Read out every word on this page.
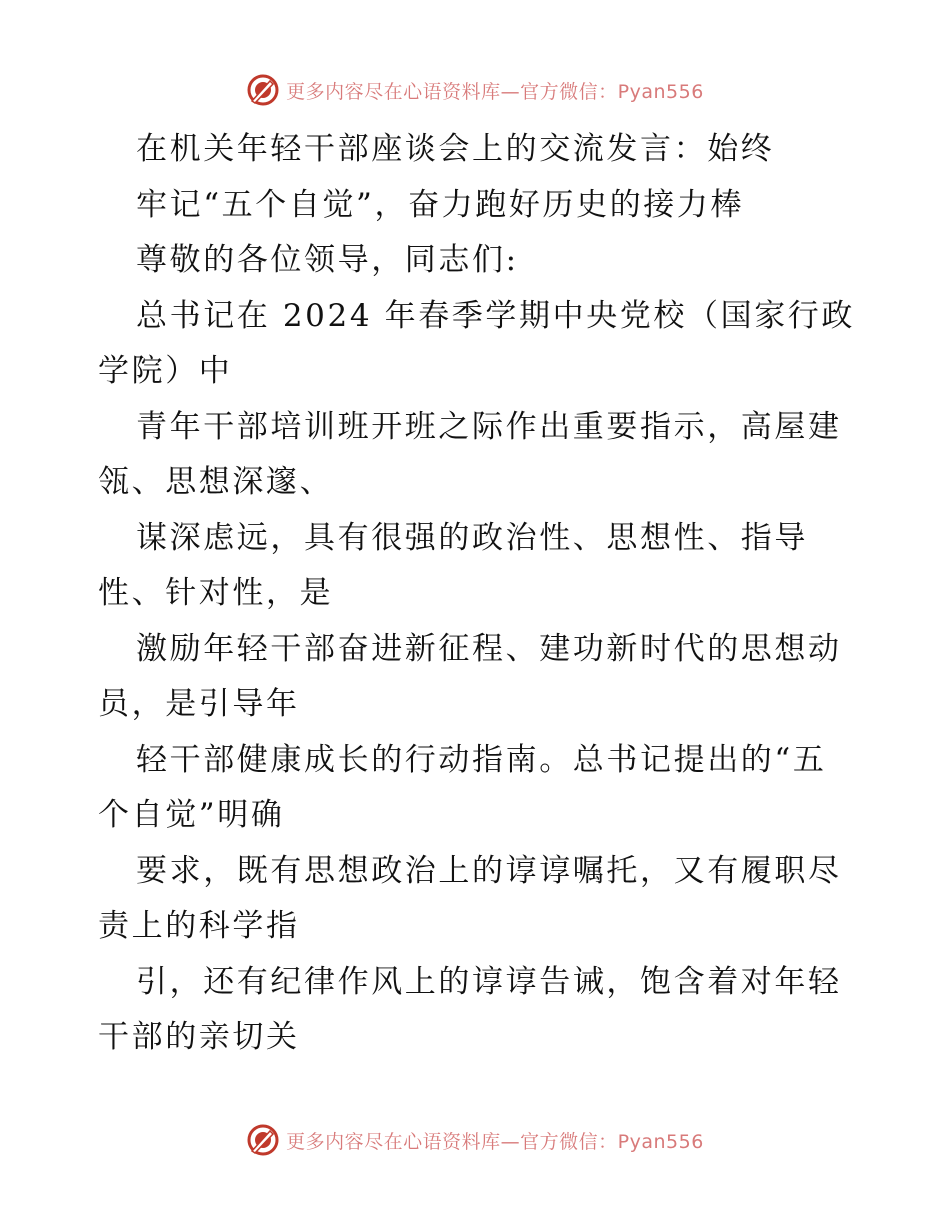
更多内容尽在心语资料库—官方微信：Pyan556
在机关年轻干部座谈会上的交流发言：始终
牢记“五个自觉”，奋力跑好历史的接力棒
尊敬的各位领导，同志们:
总书记在 2024 年春季学期中央党校（国家行政
学院）中
青年干部培训班开班之际作出重要指示，高屋建
瓴、思想深邃、
谋深虑远，具有很强的政治性、思想性、指导
性、针对性，是
激励年轻干部奋进新征程、建功新时代的思想动
员，是引导年
轻干部健康成长的行动指南。总书记提出的“五
个自觉”明确
要求，既有思想政治上的谆谆嘱托，又有履职尽
责上的科学指
引，还有纪律作风上的谆谆告诫，饱含着对年轻
干部的亲切关
更多内容尽在心语资料库—官方微信：Pyan556
